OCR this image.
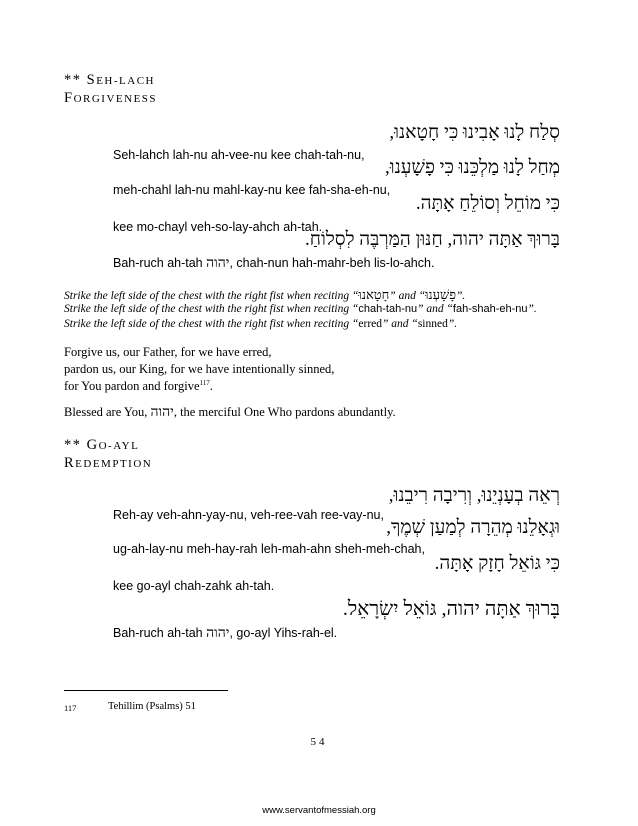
** SEH-LACH
FORGIVENESS
סְלַח לָנוּ אָבִינוּ כִּי חָטָאנוּ,
Seh-lahch lah-nu ah-vee-nu kee chah-tah-nu,
מְחַל לָנוּ מַלְכֵּנוּ כִּי פָשָׁעְנוּ,
meh-chahl lah-nu mahl-kay-nu kee fah-sha-eh-nu,
כִּי מוֹחֵל וְסוֹלֵחַ אָתָּה.
kee mo-chayl veh-so-lay-ahch ah-tah.
בָּרוּךְ אַתָּה יהוה, חַנּוּן הַמַּרְבֶּה לִסְלוֹחַ.
Bah-ruch ah-tah יהוה, chah-nun hah-mahr-beh lis-lo-ahch.
Strike the left side of the chest with the right fist when reciting “חָטָאנוּ” and “פָשָׁעְנוּ”.
Strike the left side of the chest with the right fist when reciting “chah-tah-nu” and “fah-shah-eh-nu”.
Strike the left side of the chest with the right fist when reciting “erred” and “sinned”.
Forgive us, our Father, for we have erred,
pardon us, our King, for we have intentionally sinned,
for You pardon and forgive$^{117}$.
Blessed are You, יהוה, the merciful One Who pardons abundantly.
** GO-AYL
REDEMPTION
רְאֵה בְעָנְיֵנוּ, וְרִיבָה רִיבֵנוּ,
Reh-ay veh-ahn-yay-nu, veh-ree-vah ree-vay-nu,
וּגְאָלֵנוּ מְהֵרָה לְמַעַן שְׁמֶךָ,
ug-ah-lay-nu meh-hay-rah leh-mah-ahn sheh-meh-chah,
כִּי גּוֹאֵל חָזָק אָתָּה.
kee go-ayl chah-zahk ah-tah.
בָּרוּךְ אַתָּה יהוה, גּוֹאֵל יִשְׂרָאֵל.
Bah-ruch ah-tah יהוה, go-ayl Yihs-rah-el.
117	Tehillim (Psalms) 51
54
www.servantofmessiah.org
